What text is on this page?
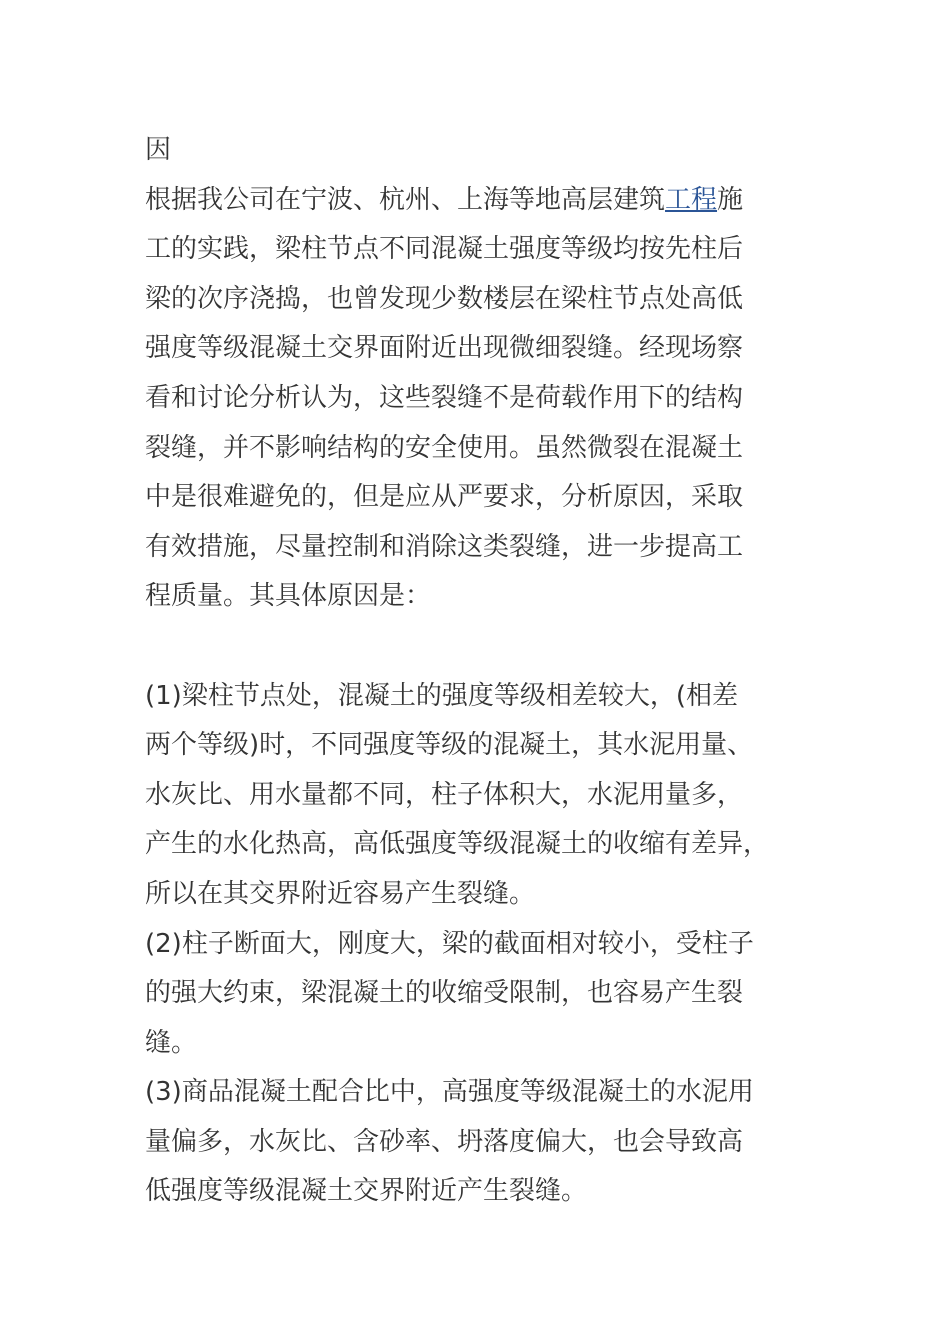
因
根据我公司在宁波、杭州、上海等地高层建筑工程施
工的实践，梁柱节点不同混凝土强度等级均按先柱后
梁的次序浇捣，也曾发现少数楼层在梁柱节点处高低
强度等级混凝土交界面附近出现微细裂缝。经现场察
看和讨论分析认为，这些裂缝不是荷载作用下的结构
裂缝，并不影响结构的安全使用。虽然微裂在混凝土
中是很难避免的，但是应从严要求，分析原因，采取
有效措施，尽量控制和消除这类裂缝，进一步提高工
程质量。其具体原因是：
(1)梁柱节点处，混凝土的强度等级相差较大，(相差
两个等级)时，不同强度等级的混凝土，其水泥用量、
水灰比、用水量都不同，柱子体积大，水泥用量多，
产生的水化热高，高低强度等级混凝土的收缩有差异，
所以在其交界附近容易产生裂缝。
(2)柱子断面大，刚度大，梁的截面相对较小，受柱子
的强大约束，梁混凝土的收缩受限制，也容易产生裂
缝。
(3)商品混凝土配合比中，高强度等级混凝土的水泥用
量偏多，水灰比、含砂率、坍落度偏大，也会导致高
低强度等级混凝土交界附近产生裂缝。
